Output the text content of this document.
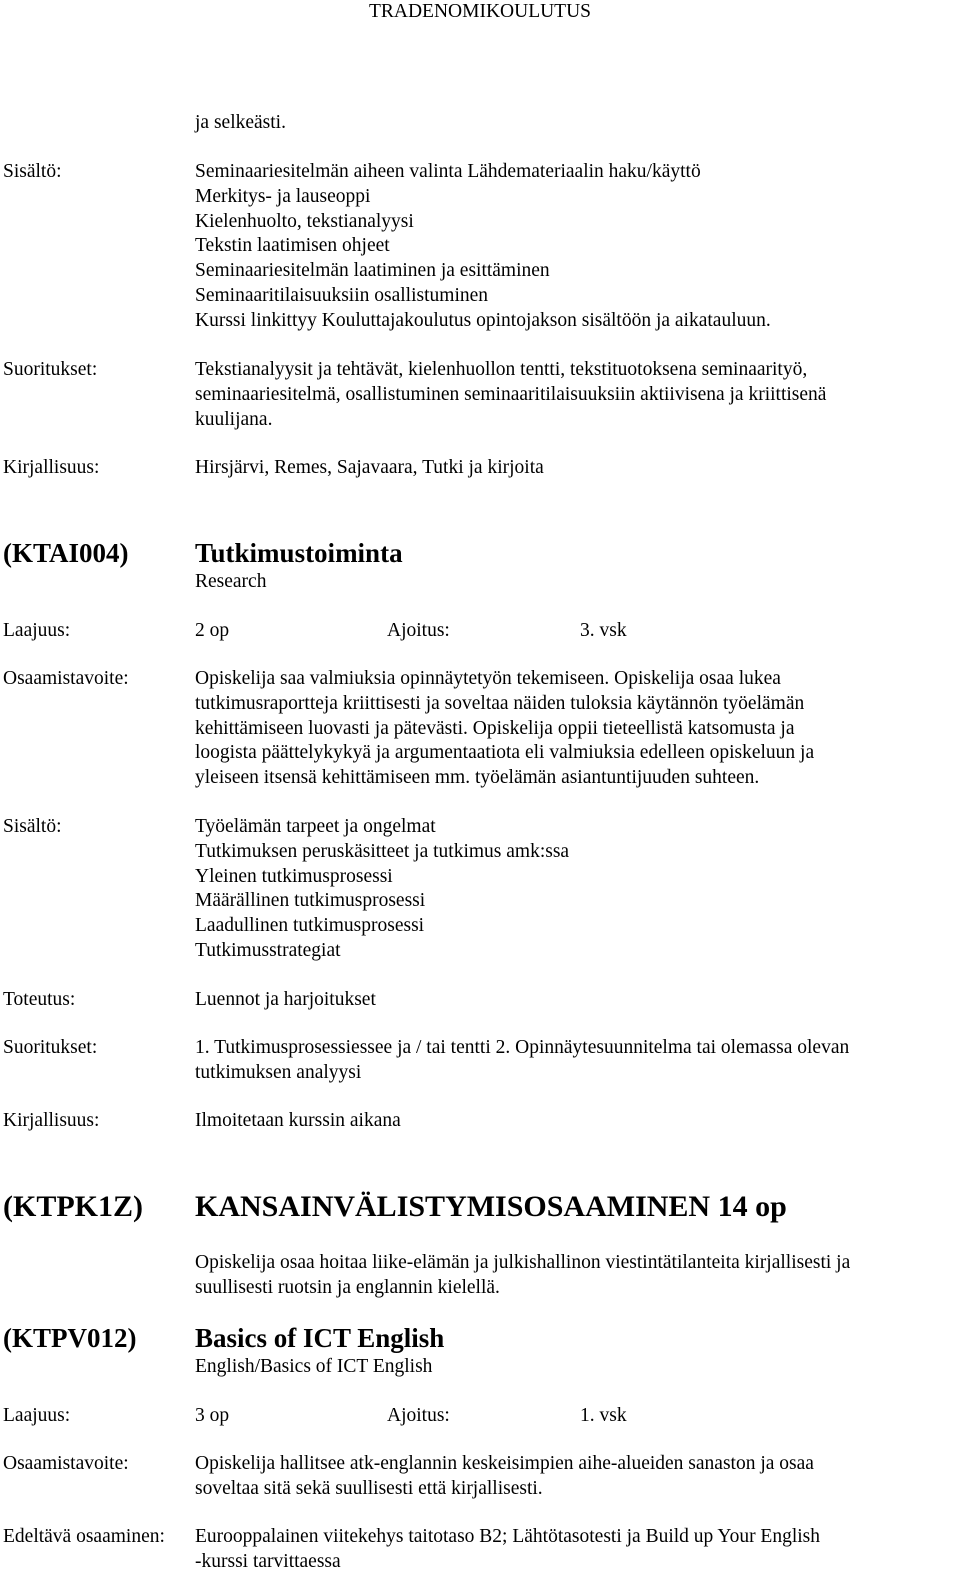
TRADENOMIKOULUTUS
ja selkeästi.
Sisältö:	Seminaariesitelmän aiheen valinta Lähdemateriaalin haku/käyttö
Merkitys- ja lauseoppi
Kielenhuolto, tekstianalyysi
Tekstin laatimisen ohjeet
Seminaariesitelmän laatiminen ja esittäminen
Seminaaritilaisuuksiin osallistuminen
Kurssi linkittyy Kouluttajakoulutus opintojakson sisältöön ja aikatauluun.
Suoritukset:	Tekstianalyysit ja tehtävät, kielenhuollon tentti, tekstituotoksena seminaarityö,
seminaariesitelmä, osallistuminen seminaaritilaisuuksiin aktiivisena ja kriittisenä
kuulijana.
Kirjallisuus:	Hirsjärvi, Remes, Sajavaara, Tutki ja kirjoita
(KTAI004) Tutkimustoiminta
Research
Laajuus:	2 op	Ajoitus:	3. vsk
Osaamistavoite:	Opiskelija saa valmiuksia opinnäytetyön tekemiseen. Opiskelija osaa lukea
tutkimusraportteja kriittisesti ja soveltaa näiden tuloksia käytännön työelämän
kehittämiseen luovasti ja pätevästi. Opiskelija oppii tieteellistä katsomusta ja
loogista päättelykykyä ja argumentaatiota eli valmiuksia edelleen opiskeluun ja
yleiseen itsensä kehittämiseen mm. työelämän asiantuntijuuden suhteen.
Sisältö:	Työelämän tarpeet ja ongelmat
Tutkimuksen peruskäsitteet ja tutkimus amk:ssa
Yleinen tutkimusprosessi
Määrällinen tutkimusprosessi
Laadullinen tutkimusprosessi
Tutkimusstrategiat
Toteutus:	Luennot ja harjoitukset
Suoritukset:	1. Tutkimusprosessiessee ja / tai tentti 2. Opinnäytesuunnitelma tai olemassa olevan
tutkimuksen analyysi
Kirjallisuus:	Ilmoitetaan kurssin aikana
(KTPK1Z) KANSAINVÄLISTYMISOSAAMINEN 14 op
Opiskelija osaa hoitaa liike-elämän ja julkishallinon viestintätilanteita kirjallisesti ja
suullisesti ruotsin ja englannin kielellä.
(KTPV012) Basics of ICT English
English/Basics of ICT English
Laajuus:	3 op	Ajoitus:	1. vsk
Osaamistavoite:	Opiskelija hallitsee atk-englannin keskeisimpien aihe-alueiden sanaston ja osaa
soveltaa sitä sekä suullisesti että kirjallisesti.
Edeltävä osaaminen: Eurooppalainen viitekehys taitotaso B2; Lähtötasotesti ja Build up Your English
-kurssi tarvittaessa
